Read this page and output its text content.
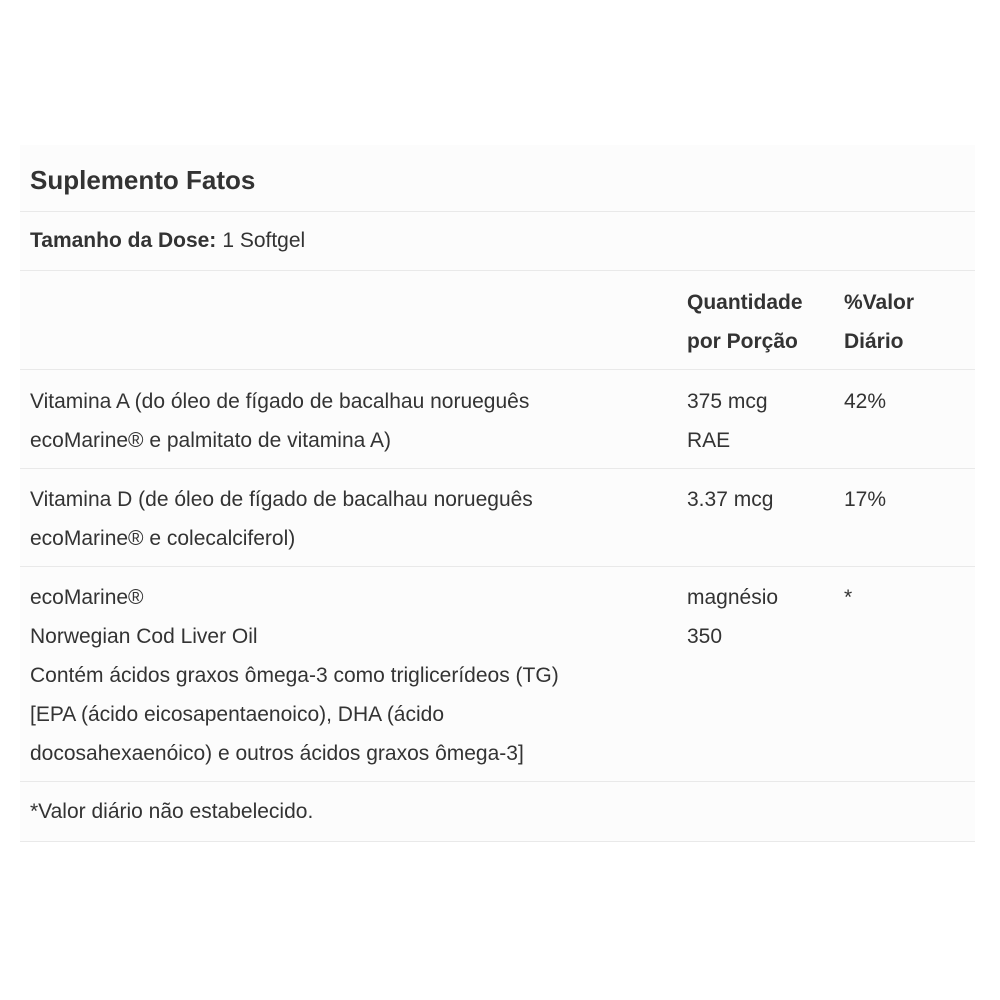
Suplemento Fatos
Tamanho da Dose: 1 Softgel
Quantidade
por Porção
%Valor
Diário
Vitamina A (do óleo de fígado de bacalhau norueguês
ecoMarine® e palmitato de vitamina A)
375 mcg
RAE
42%
Vitamina D (de óleo de fígado de bacalhau norueguês
ecoMarine® e colecalciferol)
3.37 mcg	17%
ecoMarine®
Norwegian Cod Liver Oil
Contém ácidos graxos ômega-3 como triglicerídeos (TG)
[EPA (ácido eicosapentaenoico), DHA (ácido
docosahexaenóico) e outros ácidos graxos ômega-3]
magnésio
350
*
*Valor diário não estabelecido.
